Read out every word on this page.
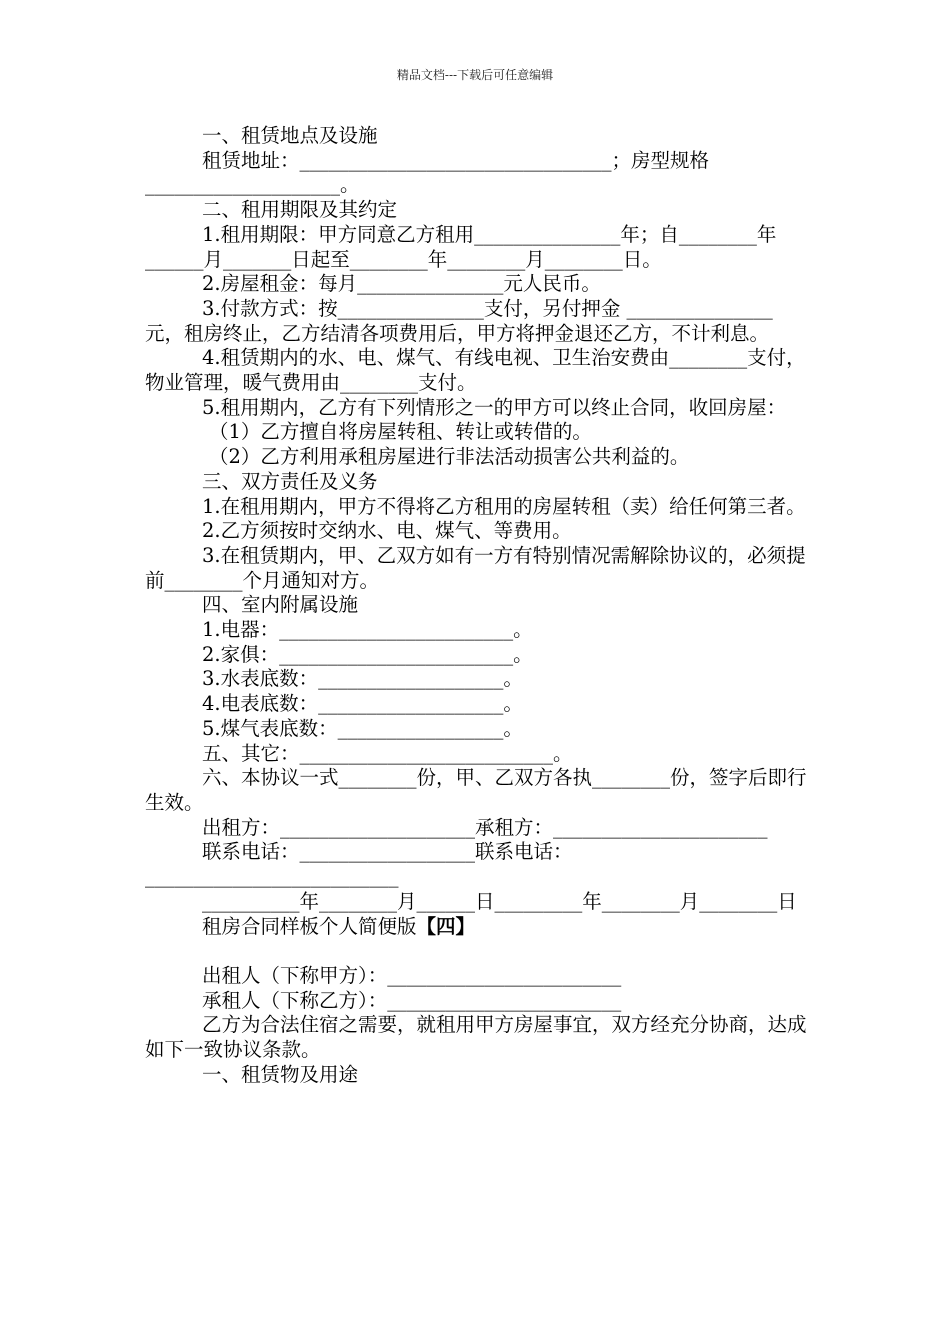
精品文档---下载后可任意编辑
一、租赁地点及设施
租赁地址：________________________________；房型规格____________________。
二、租用期限及其约定
1.租用期限：甲方同意乙方租用_______________年；自________年______月_______日起至________年________月________日。
2.房屋租金：每月_______________元人民币。
3.付款方式：按_______________支付，另付押金 _______________元，租房终止，乙方结清各项费用后，甲方将押金退还乙方，不计利息。
4.租赁期内的水、电、煤气、有线电视、卫生治安费由________支付，物业管理，暖气费用由________支付。
5.租用期内，乙方有下列情形之一的甲方可以终止合同，收回房屋：
（1）乙方擅自将房屋转租、转让或转借的。
（2）乙方利用承租房屋进行非法活动损害公共利益的。
三、双方责任及义务
1.在租用期内，甲方不得将乙方租用的房屋转租（卖）给任何第三者。
2.乙方须按时交纳水、电、煤气、等费用。
3.在租赁期内，甲、乙双方如有一方有特别情况需解除协议的，必须提前________个月通知对方。
四、室内附属设施
1.电器：________________________。
2.家俱：________________________。
3.水表底数：___________________。
4.电表底数：___________________。
5.煤气表底数：_________________。
五、其它：__________________________。
六、本协议一式________份，甲、乙双方各执________份，签字后即行生效。
出租方：____________________承租方：______________________
联系电话：__________________联系电话：__________________________
__________年________月______日_________年________月________日
租房合同样板个人简便版【四】
出租人（下称甲方）：________________________
承租人（下称乙方）：________________________
乙方为合法住宿之需要，就租用甲方房屋事宜，双方经充分协商，达成如下一致协议条款。
一、租赁物及用途
